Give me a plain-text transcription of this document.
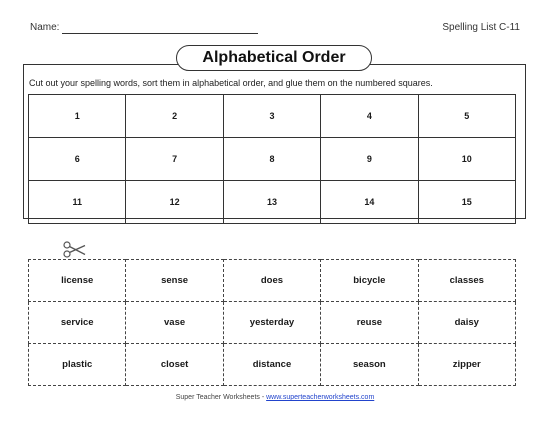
Name:	Spelling List C-11
Alphabetical Order
Cut out your spelling words, sort them in alphabetical order, and glue them on the numbered squares.
1	2	3	4	5
6	7	8	9	10
11	12	13	14	15
license	sense	does	bicycle	classes
service	vase	yesterday	reuse	daisy
plastic	closet	distance	season	zipper
Super Teacher Worksheets - www.superteacherworksheets.com
